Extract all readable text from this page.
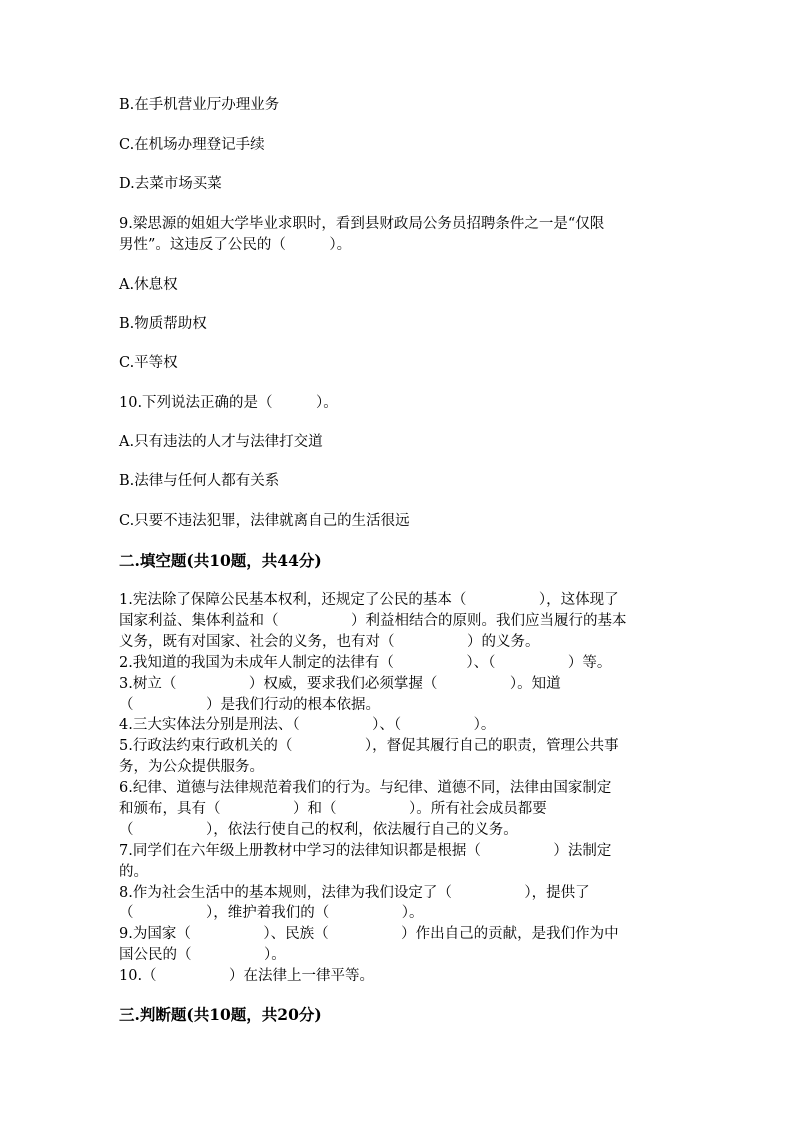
B.在手机营业厅办理业务
C.在机场办理登记手续
D.去菜市场买菜
9.梁思源的姐姐大学毕业求职时，看到县财政局公务员招聘条件之一是“仅限
男性”。这违反了公民的（　　　）。
A.休息权
B.物质帮助权
C.平等权
10.下列说法正确的是（　　　）。
A.只有违法的人才与法律打交道
B.法律与任何人都有关系
C.只要不违法犯罪，法律就离自己的生活很远
二.填空题(共10题，共44分)
1.宪法除了保障公民基本权利，还规定了公民的基本（　　　　　），这体现了
国家利益、集体利益和（　　　　　）利益相结合的原则。我们应当履行的基本
义务，既有对国家、社会的义务，也有对（　　　　　）的义务。
2.我知道的我国为未成年人制定的法律有（　　　　　）、（　　　　　）等。
3.树立（　　　　　）权威，要求我们必须掌握（　　　　　）。知道
（　　　　　）是我们行动的根本依据。
4.三大实体法分别是刑法、（　　　　　）、（　　　　　）。
5.行政法约束行政机关的（　　　　　），督促其履行自己的职责，管理公共事
务，为公众提供服务。
6.纪律、道德与法律规范着我们的行为。与纪律、道德不同，法律由国家制定
和颁布，具有（　　　　　）和（　　　　　）。所有社会成员都要
（　　　　　），依法行使自己的权利，依法履行自己的义务。
7.同学们在六年级上册教材中学习的法律知识都是根据（　　　　　）法制定
的。
8.作为社会生活中的基本规则，法律为我们设定了（　　　　　），提供了
（　　　　　），维护着我们的（　　　　　）。
9.为国家（　　　　　）、民族（　　　　　）作出自己的贡献，是我们作为中
国公民的（　　　　　）。
10.（　　　　　）在法律上一律平等。
三.判断题(共10题，共20分)
